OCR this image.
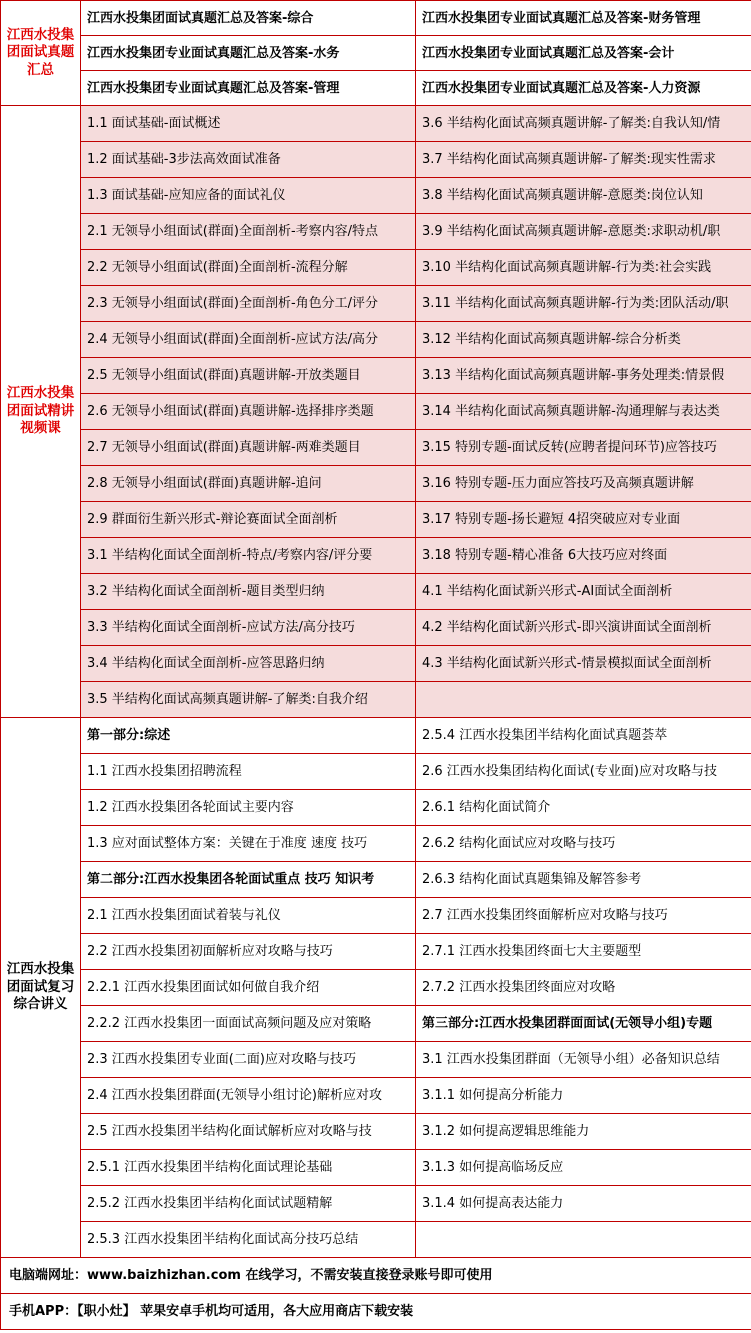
江西水投集团面试真题汇总	江西水投集团面试真题汇总及答案-综合	江西水投集团专业面试真题汇总及答案-财务管理
	江西水投集团专业面试真题汇总及答案-水务	江西水投集团专业面试真题汇总及答案-会计
	江西水投集团专业面试真题汇总及答案-管理	江西水投集团专业面试真题汇总及答案-人力资源
江西水投集团面试精讲视频课	1.1 面试基础-面试概述	3.6 半结构化面试高频真题讲解-了解类:自我认知/情
	1.2 面试基础-3步法高效面试准备	3.7 半结构化面试高频真题讲解-了解类:现实性需求
	1.3 面试基础-应知应备的面试礼仪	3.8 半结构化面试高频真题讲解-意愿类:岗位认知
	2.1 无领导小组面试(群面)全面剖析-考察内容/特点	3.9 半结构化面试高频真题讲解-意愿类:求职动机/职
	2.2 无领导小组面试(群面)全面剖析-流程分解	3.10 半结构化面试高频真题讲解-行为类:社会实践
	2.3 无领导小组面试(群面)全面剖析-角色分工/评分	3.11 半结构化面试高频真题讲解-行为类:团队活动/职
	2.4 无领导小组面试(群面)全面剖析-应试方法/高分	3.12 半结构化面试高频真题讲解-综合分析类
	2.5 无领导小组面试(群面)真题讲解-开放类题目	3.13 半结构化面试高频真题讲解-事务处理类:情景假
	2.6 无领导小组面试(群面)真题讲解-选择排序类题	3.14 半结构化面试高频真题讲解-沟通理解与表达类
	2.7 无领导小组面试(群面)真题讲解-两难类题目	3.15 特别专题-面试反转(应聘者提问环节)应答技巧
	2.8 无领导小组面试(群面)真题讲解-追问	3.16 特别专题-压力面应答技巧及高频真题讲解
	2.9 群面衍生新兴形式-辩论赛面试全面剖析	3.17 特别专题-扬长避短 4招突破应对专业面
	3.1 半结构化面试全面剖析-特点/考察内容/评分要	3.18 特别专题-精心准备 6大技巧应对终面
	3.2 半结构化面试全面剖析-题目类型归纳	4.1 半结构化面试新兴形式-AI面试全面剖析
	3.3 半结构化面试全面剖析-应试方法/高分技巧	4.2 半结构化面试新兴形式-即兴演讲面试全面剖析
	3.4 半结构化面试全面剖析-应答思路归纳	4.3 半结构化面试新兴形式-情景模拟面试全面剖析
	3.5 半结构化面试高频真题讲解-了解类:自我介绍	
江西水投集团面试复习综合讲义	第一部分:综述	2.5.4 江西水投集团半结构化面试真题荟萃
	1.1 江西水投集团招聘流程	2.6 江西水投集团结构化面试(专业面)应对攻略与技
	1.2 江西水投集团各轮面试主要内容	2.6.1 结构化面试简介
	1.3 应对面试整体方案：关键在于准度 速度 技巧	2.6.2 结构化面试应对攻略与技巧
	第二部分:江西水投集团各轮面试重点 技巧 知识考	2.6.3 结构化面试真题集锦及解答参考
	2.1 江西水投集团面试着装与礼仪	2.7 江西水投集团终面解析应对攻略与技巧
	2.2 江西水投集团初面解析应对攻略与技巧	2.7.1 江西水投集团终面七大主要题型
	2.2.1 江西水投集团面试如何做自我介绍	2.7.2 江西水投集团终面应对攻略
	2.2.2 江西水投集团一面面试高频问题及应对策略	第三部分:江西水投集团群面面试(无领导小组)专题
	2.3 江西水投集团专业面(二面)应对攻略与技巧	3.1 江西水投集团群面（无领导小组）必备知识总结
	2.4 江西水投集团群面(无领导小组讨论)解析应对攻	3.1.1 如何提高分析能力
	2.5 江西水投集团半结构化面试解析应对攻略与技	3.1.2 如何提高逻辑思维能力
	2.5.1 江西水投集团半结构化面试理论基础	3.1.3 如何提高临场反应
	2.5.2 江西水投集团半结构化面试试题精解	3.1.4 如何提高表达能力
	2.5.3 江西水投集团半结构化面试高分技巧总结	
电脑端网址：www.baizhizhan.com 在线学习，不需安装直接登录账号即可使用		
手机APP：【职小灶】 苹果安卓手机均可适用，各大应用商店下载安装		
